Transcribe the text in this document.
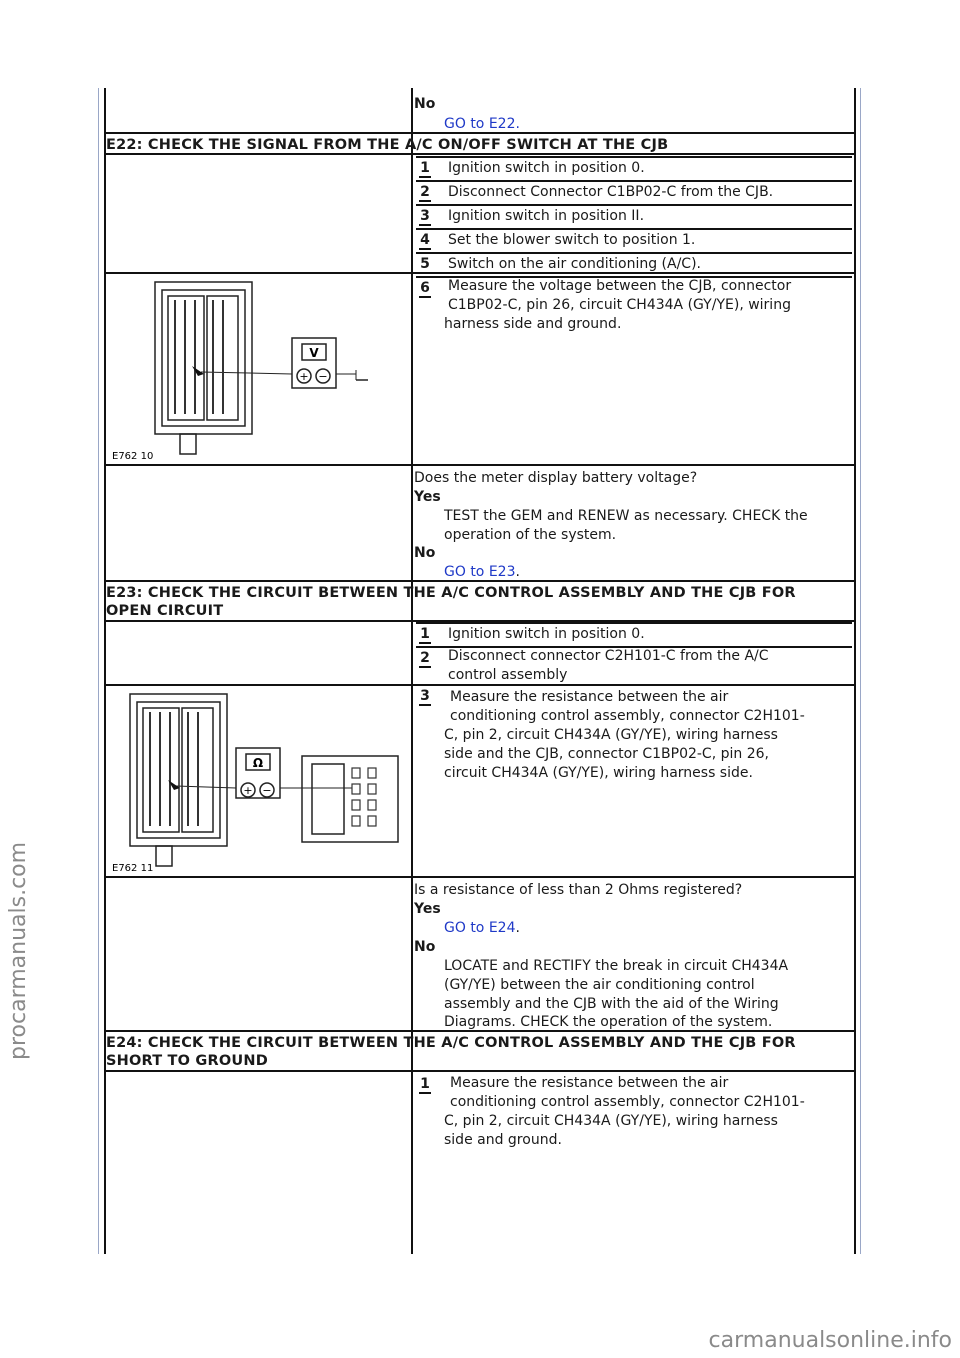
No
GO to E22.
E22: CHECK THE SIGNAL FROM THE A/C ON/OFF SWITCH AT THE CJB
1 Ignition switch in position 0.
2 Disconnect Connector C1BP02-C from the CJB.
3 Ignition switch in position II.
4 Set the blower switch to position 1.
5 Switch on the air conditioning (A/C).
6 Measure the voltage between the CJB, connector
C1BP02-C, pin 26, circuit CH434A (GY/YE), wiring
harness side and ground.
V
+ −
E762 10
Does the meter display battery voltage?
Yes
TEST the GEM and RENEW as necessary. CHECK the
operation of the system.
No
GO to E23.
E23: CHECK THE CIRCUIT BETWEEN THE A/C CONTROL ASSEMBLY AND THE CJB FOR
OPEN CIRCUIT
1 Ignition switch in position 0.
2 Disconnect connector C2H101-C from the A/C
control assembly
3 Measure the resistance between the air
conditioning control assembly, connector C2H101-
C, pin 2, circuit CH434A (GY/YE), wiring harness
side and the CJB, connector C1BP02-C, pin 26,
circuit CH434A (GY/YE), wiring harness side.
Ω
+ −
E762 11
Is a resistance of less than 2 Ohms registered?
Yes
GO to E24.
No
LOCATE and RECTIFY the break in circuit CH434A
(GY/YE) between the air conditioning control
assembly and the CJB with the aid of the Wiring
Diagrams. CHECK the operation of the system.
E24: CHECK THE CIRCUIT BETWEEN THE A/C CONTROL ASSEMBLY AND THE CJB FOR
SHORT TO GROUND
1 Measure the resistance between the air
conditioning control assembly, connector C2H101-
C, pin 2, circuit CH434A (GY/YE), wiring harness
side and ground.
procarmanuals.com
carmanualsonline.info
